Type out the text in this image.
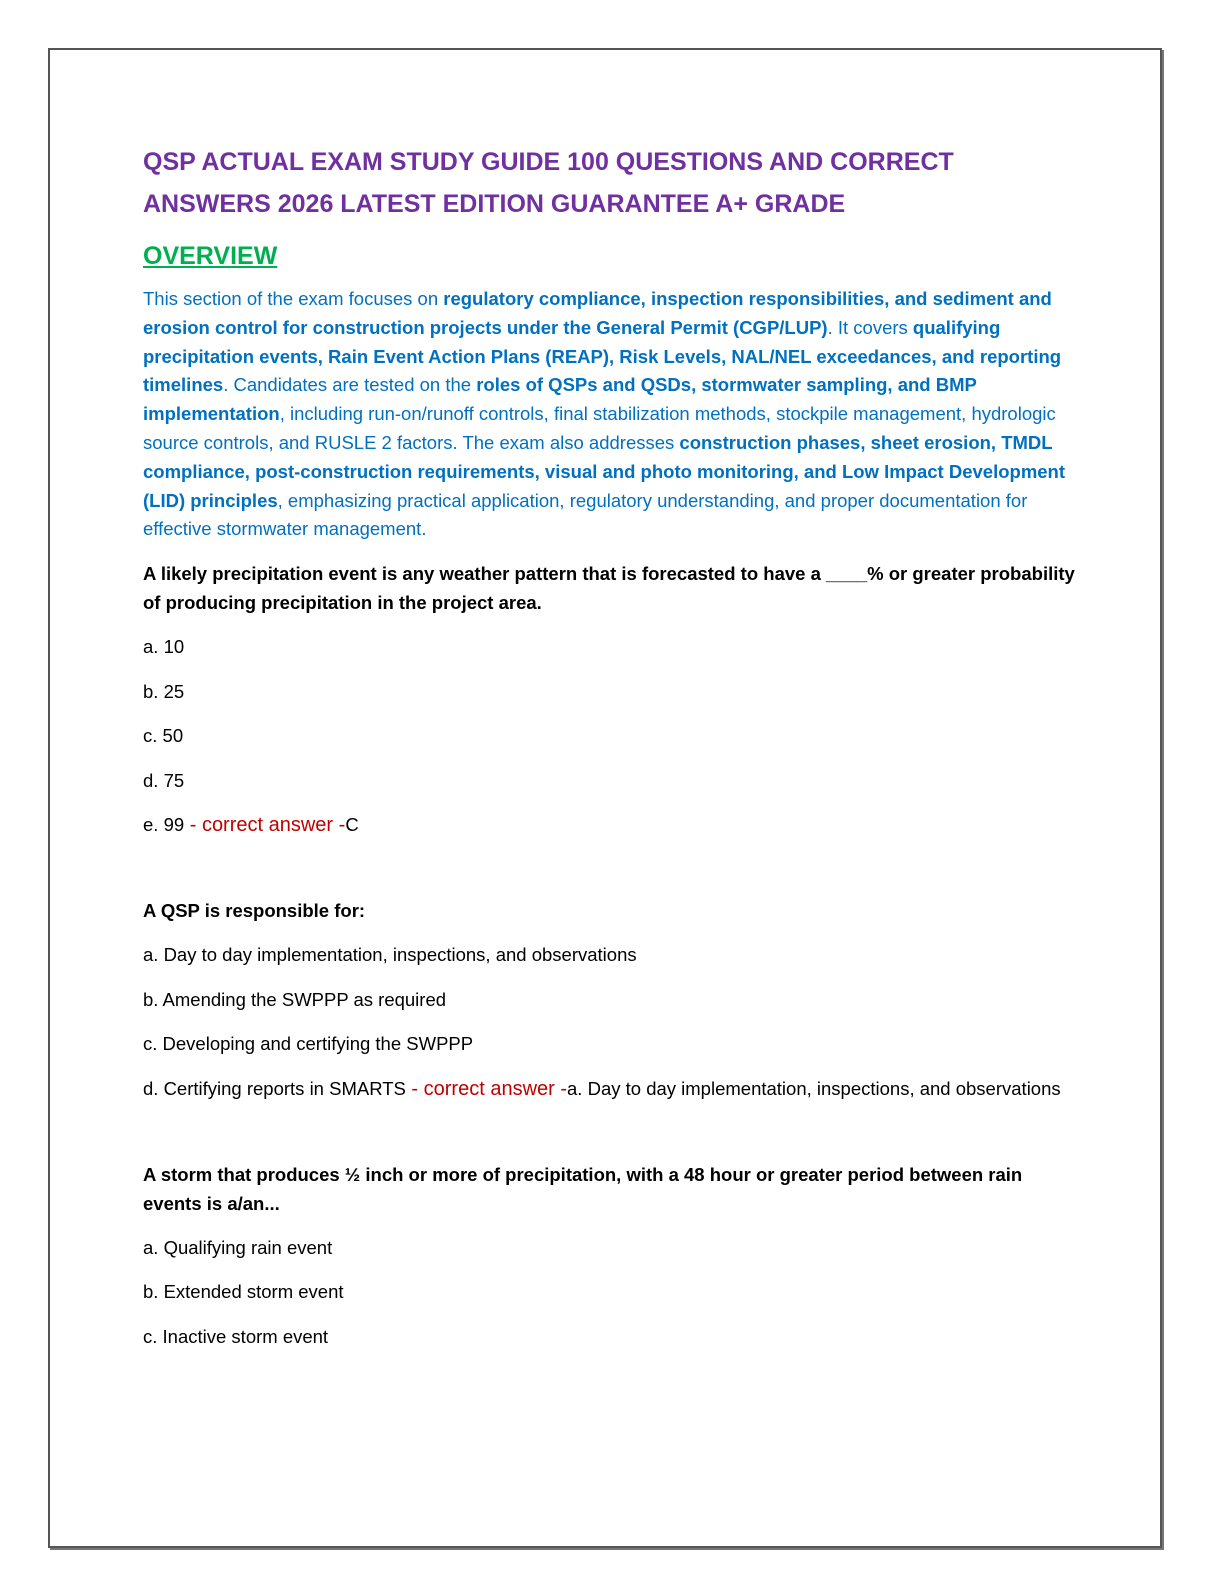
QSP ACTUAL EXAM STUDY GUIDE 100 QUESTIONS AND CORRECT
ANSWERS 2026 LATEST EDITION GUARANTEE A+ GRADE
OVERVIEW

This section of the exam focuses on regulatory compliance, inspection responsibilities, and sediment and erosion control for construction projects under the General Permit (CGP/LUP). It covers qualifying precipitation events, Rain Event Action Plans (REAP), Risk Levels, NAL/NEL exceedances, and reporting timelines. Candidates are tested on the roles of QSPs and QSDs, stormwater sampling, and BMP implementation, including run-on/runoff controls, final stabilization methods, stockpile management, hydrologic source controls, and RUSLE 2 factors. The exam also addresses construction phases, sheet erosion, TMDL compliance, post-construction requirements, visual and photo monitoring, and Low Impact Development (LID) principles, emphasizing practical application, regulatory understanding, and proper documentation for effective stormwater management.

A likely precipitation event is any weather pattern that is forecasted to have a ____% or greater probability of producing precipitation in the project area.

a. 10

b. 25

c. 50

d. 75

e. 99 - correct answer -C

A QSP is responsible for:

a. Day to day implementation, inspections, and observations

b. Amending the SWPPP as required

c. Developing and certifying the SWPPP

d. Certifying reports in SMARTS - correct answer -a. Day to day implementation, inspections, and observations

A storm that produces ½ inch or more of precipitation, with a 48 hour or greater period between rain events is a/an...

a. Qualifying rain event

b. Extended storm event

c. Inactive storm event
